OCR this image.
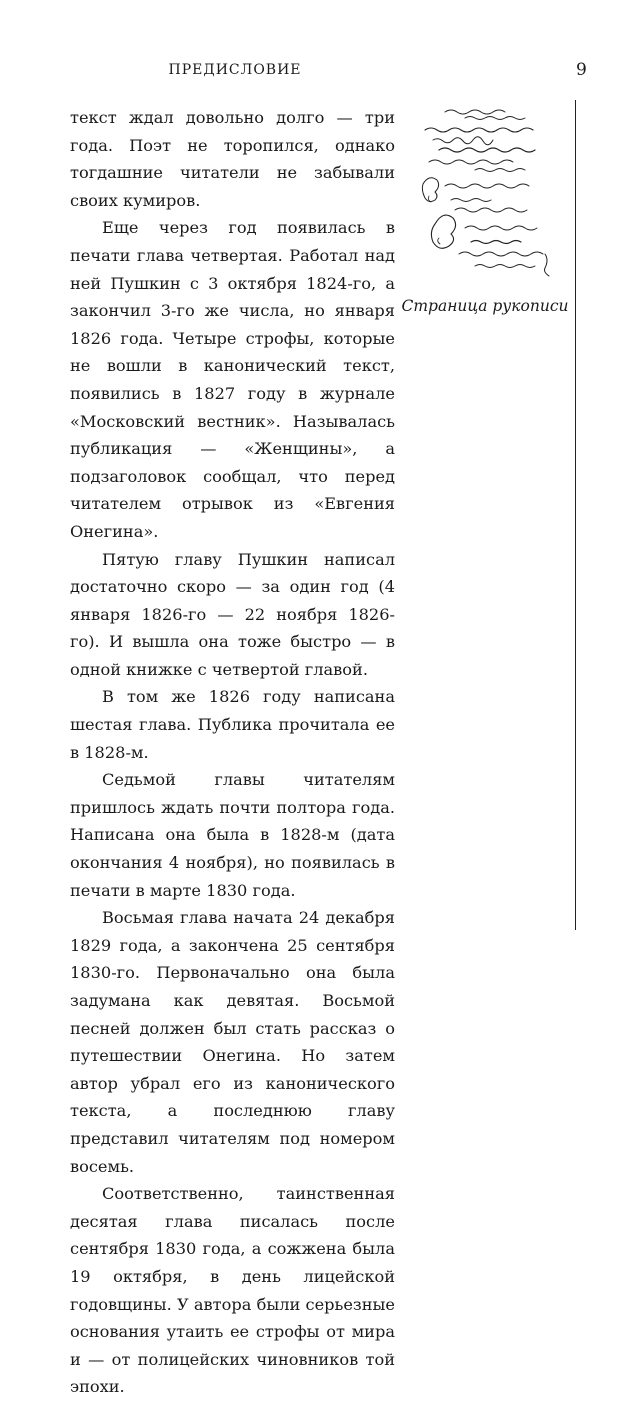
ПРЕДИСЛОВИЕ	9

текст ждал довольно долго — три года. Поэт не торопился, однако тогдашние читатели не забывали своих кумиров.

Еще через год появилась в печати глава четвертая. Работал над ней Пушкин с 3 октября 1824-го, а закончил 3-го же числа, но января 1826 года. Четыре строфы, которые не вошли в канонический текст, появились в 1827 году в журнале «Московский вестник». Называлась публикация — «Женщины», а подзаголовок сообщал, что перед читателем отрывок из «Евгения Онегина».

Пятую главу Пушкин написал достаточно скоро — за один год (4 января 1826-го — 22 ноября 1826-го). И вышла она тоже быстро — в одной книжке с четвертой главой.

В том же 1826 году написана шестая глава. Публика прочитала ее в 1828-м.

Седьмой главы читателям пришлось ждать почти полтора года. Написана она была в 1828-м (дата окончания 4 ноября), но появилась в печати в марте 1830 года.

Восьмая глава начата 24 декабря 1829 года, а закончена 25 сентября 1830-го. Первоначально она была задумана как девятая. Восьмой песней должен был стать рассказ о путешествии Онегина. Но затем автор убрал его из канонического текста, а последнюю главу представил читателям под номером восемь.

Соответственно, таинственная десятая глава писалась после сентября 1830 года, а сожжена была 19 октября, в день лицейской годовщины. У автора были серьезные основания утаить ее строфы от мира и — от полицейских чиновников той эпохи.

Страница рукописи
